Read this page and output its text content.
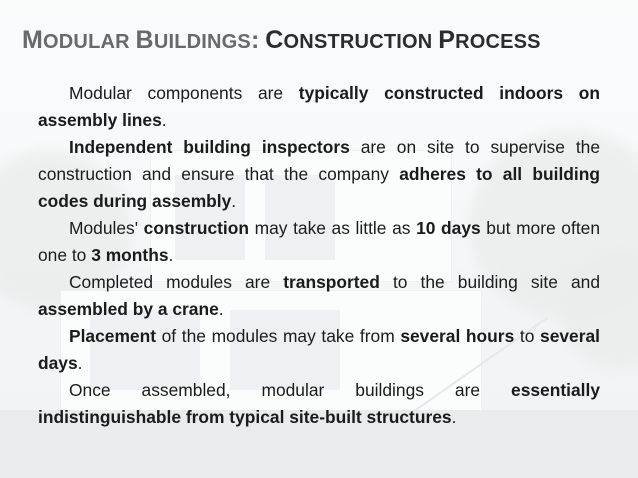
MODULAR BUILDINGS: CONSTRUCTION PROCESS

Modular components are typically constructed indoors on assembly lines.

Independent building inspectors are on site to supervise the construction and ensure that the company adheres to all building codes during assembly.

Modules' construction may take as little as 10 days but more often one to 3 months.

Completed modules are transported to the building site and assembled by a crane.

Placement of the modules may take from several hours to several days.

Once assembled, modular buildings are essentially indistinguishable from typical site-built structures.
